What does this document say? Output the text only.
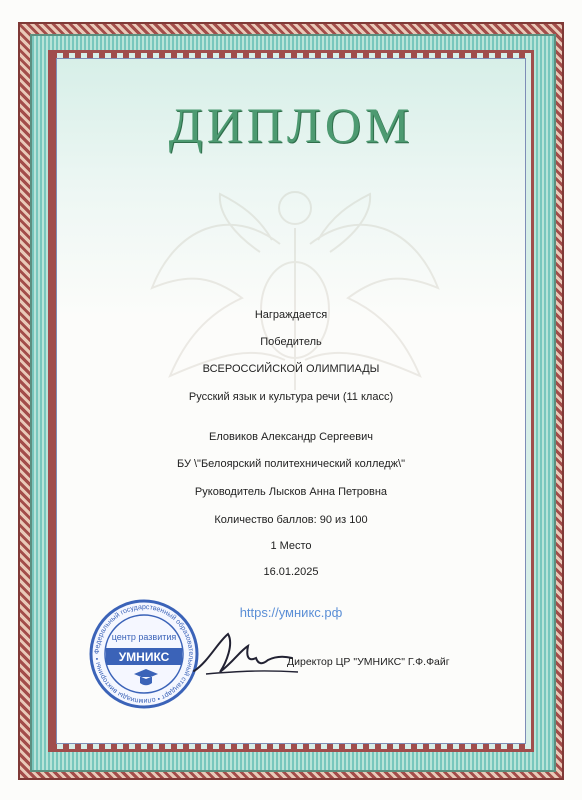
ДИПЛОМ
Награждается
Победитель
ВСЕРОССИЙСКОЙ ОЛИМПИАДЫ
Русский язык и культура речи (11 класс)
Еловиков Александр Сергеевич
БУ \"Белоярский политехнический колледж\"
Руководитель Лысков Анна Петровна
Количество баллов: 90 из 100
1 Место
16.01.2025
https://умникс.рф
Федеральный государственный образовательный стандарт • олимпиады викторины •
центр развития
УМНИКС	Директор ЦР "УМНИКС" Г.Ф.Файг
